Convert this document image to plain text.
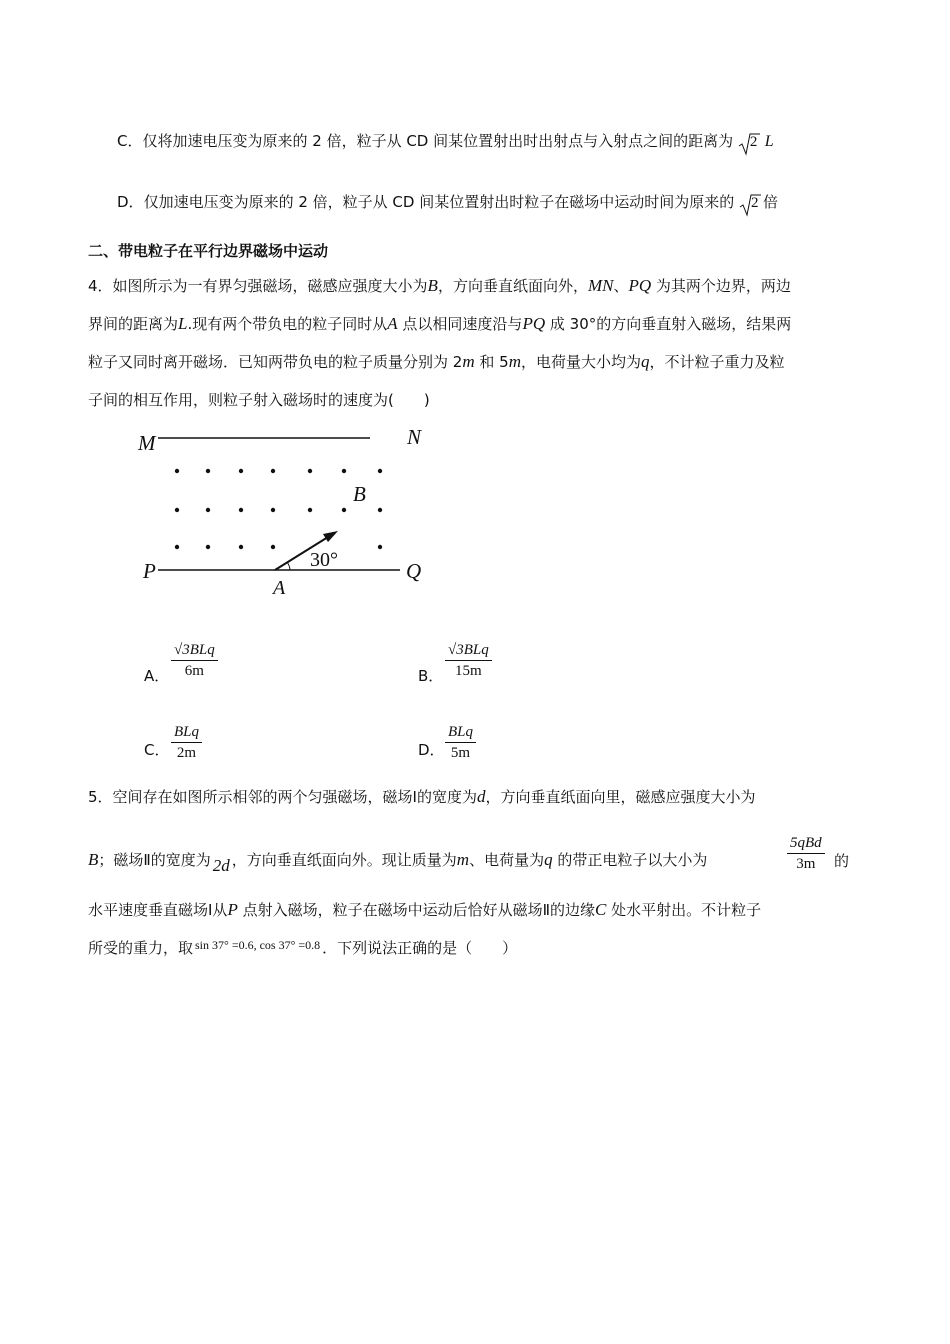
C．仅将加速电压变为原来的 2 倍，粒子从 CD 间某位置射出时出射点与入射点之间的距离为 2 L
D．仅加速电压变为原来的 2 倍，粒子从 CD 间某位置射出时粒子在磁场中运动时间为原来的 2 倍
二、带电粒子在平行边界磁场中运动
4．如图所示为一有界匀强磁场，磁感应强度大小为B，方向垂直纸面向外，MN、PQ 为其两个边界，两边
界间的距离为L.现有两个带负电的粒子同时从A 点以相同速度沿与PQ 成 30°的方向垂直射入磁场，结果两
粒子又同时离开磁场．已知两带负电的粒子质量分别为 2m 和 5m，电荷量大小均为q，不计粒子重力及粒
子间的相互作用，则粒子射入磁场时的速度为(　　)
M	N
P	Q
A
B
30°
A．
√3BLq
6m	B．
√3BLq
15m
C．
BLq
2m	D．
BLq
5m
5．空间存在如图所示相邻的两个匀强磁场，磁场Ⅰ的宽度为d，方向垂直纸面向里，磁感应强度大小为
B；磁场Ⅱ的宽度为 2d ，方向垂直纸面向外。现让质量为m、电荷量为q 的带正电粒子以大小为
5qBd
3m	的
水平速度垂直磁场Ⅰ从P 点射入磁场，粒子在磁场中运动后恰好从磁场Ⅱ的边缘C 处水平射出。不计粒子
所受的重力，取 $^{sin 37^\circ =0.6, cos 37^\circ =0.8}$ ．下列说法正确的是（　　）
